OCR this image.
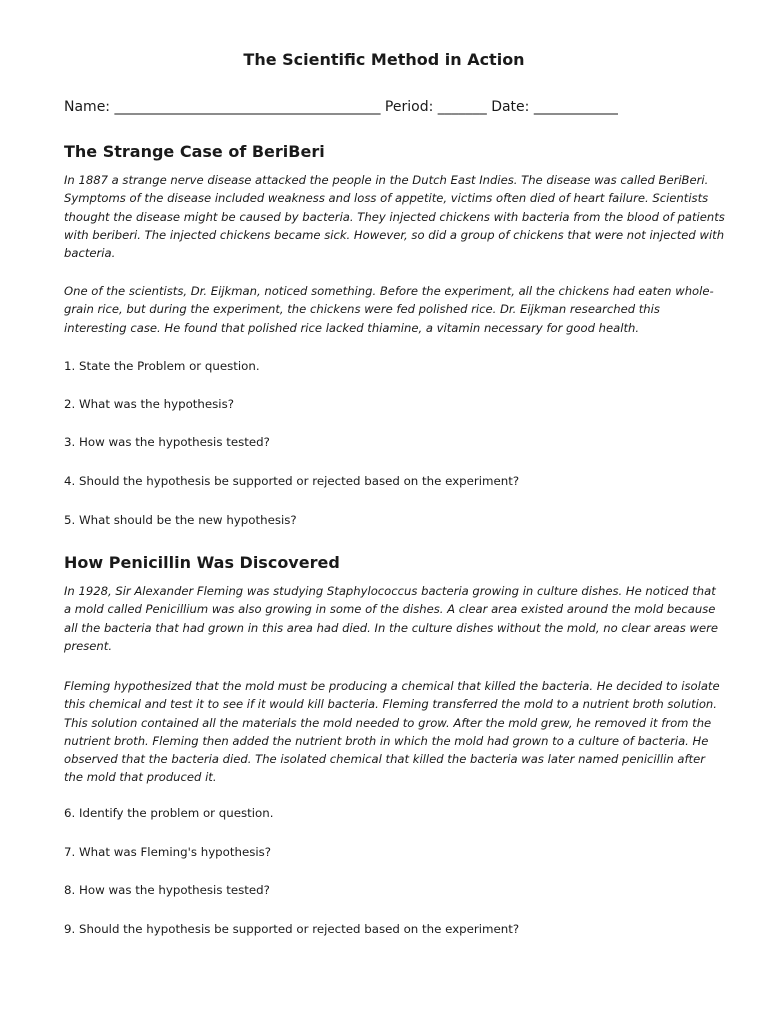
The Scientific Method in Action

Name: ______________________________________ Period: _______ Date: ____________

The Strange Case of BeriBeri

In 1887 a strange nerve disease attacked the people in the Dutch East Indies. The disease was called BeriBeri. Symptoms of the disease included weakness and loss of appetite, victims often died of heart failure. Scientists thought the disease might be caused by bacteria. They injected chickens with bacteria from the blood of patients with beriberi. The injected chickens became sick. However, so did a group of chickens that were not injected with bacteria.

One of the scientists, Dr. Eijkman, noticed something. Before the experiment, all the chickens had eaten whole-grain rice, but during the experiment, the chickens were fed polished rice. Dr. Eijkman researched this interesting case. He found that polished rice lacked thiamine, a vitamin necessary for good health.

1. State the Problem or question.

2. What was the hypothesis?

3. How was the hypothesis tested?

4. Should the hypothesis be supported or rejected based on the experiment?

5. What should be the new hypothesis?

How Penicillin Was Discovered

In 1928, Sir Alexander Fleming was studying Staphylococcus bacteria growing in culture dishes. He noticed that a mold called Penicillium was also growing in some of the dishes. A clear area existed around the mold because all the bacteria that had grown in this area had died. In the culture dishes without the mold, no clear areas were present.

Fleming hypothesized that the mold must be producing a chemical that killed the bacteria. He decided to isolate this chemical and test it to see if it would kill bacteria. Fleming transferred the mold to a nutrient broth solution. This solution contained all the materials the mold needed to grow. After the mold grew, he removed it from the nutrient broth. Fleming then added the nutrient broth in which the mold had grown to a culture of bacteria. He observed that the bacteria died. The isolated chemical that killed the bacteria was later named penicillin after the mold that produced it.

6. Identify the problem or question.

7. What was Fleming's hypothesis?

8. How was the hypothesis tested?

9. Should the hypothesis be supported or rejected based on the experiment?
